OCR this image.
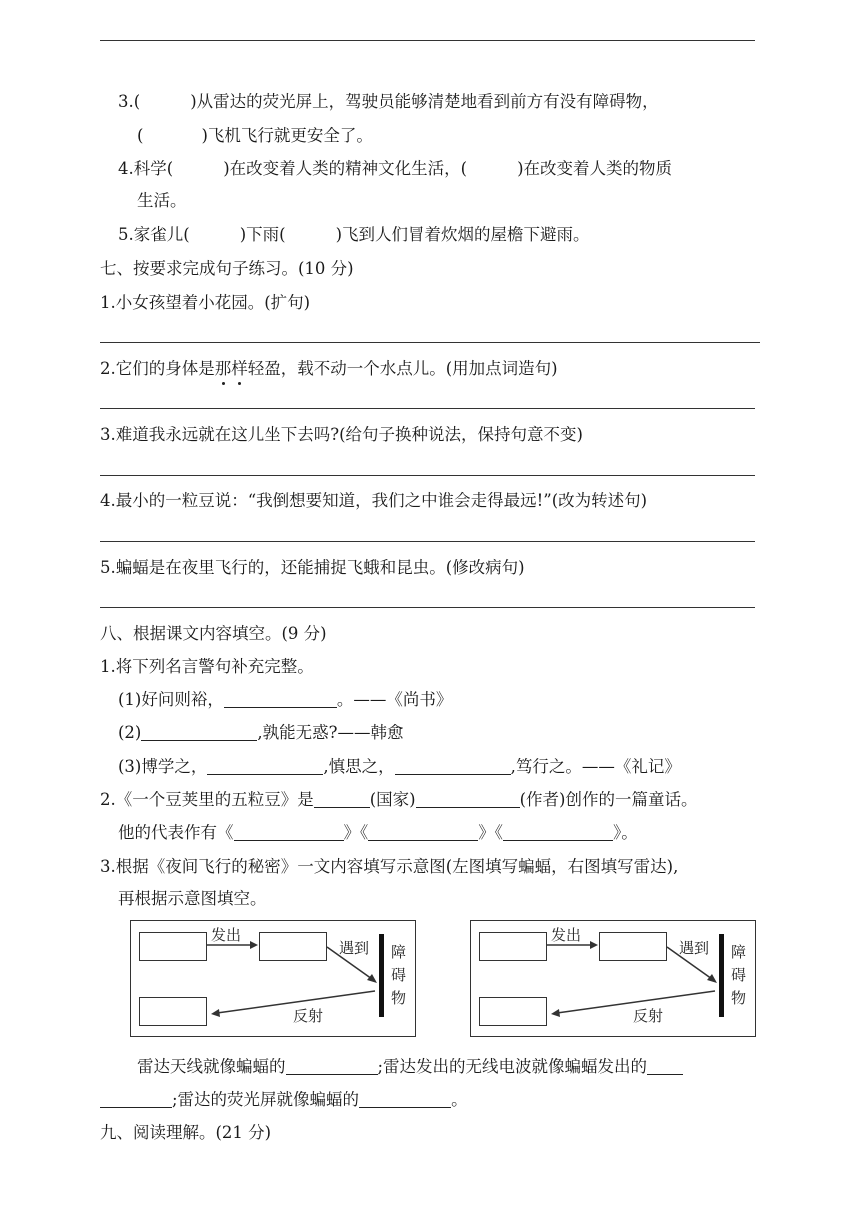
3.(	)从雷达的荧光屏上，驾驶员能够清楚地看到前方有没有障碍物，
(	)飞机飞行就更安全了。
4.科学(	)在改变着人类的精神文化生活，(	)在改变着人类的物质
生活。
5.家雀儿(	)下雨(	)飞到人们冒着炊烟的屋檐下避雨。
七、按要求完成句子练习。(10 分)
1.小女孩望着小花园。(扩句)
2.它们的身体是那样轻盈，载不动一个水点儿。(用加点词造句)
3.难道我永远就在这儿坐下去吗?(给句子换种说法，保持句意不变)
4.最小的一粒豆说：“我倒想要知道，我们之中谁会走得最远!”(改为转述句)
5.蝙蝠是在夜里飞行的，还能捕捉飞蛾和昆虫。(修改病句)
八、根据课文内容填空。(9 分)
1.将下列名言警句补充完整。
(1)好问则裕，	。——《尚书》
(2)	,孰能无惑?——韩愈
(3)博学之，	,慎思之，	,笃行之。——《礼记》
2.《一个豆荚里的五粒豆》是	(国家)	(作者)创作的一篇童话。
他的代表作有《	》《	》《	》。
3.根据《夜间飞行的秘密》一文内容填写示意图(左图填写蝙蝠，右图填写雷达),
再根据示意图填空。
发出
遇到
反射
障
碍
物
发出
遇到
反射
障
碍
物
雷达天线就像蝙蝠的	;雷达发出的无线电波就像蝙蝠发出的
;雷达的荧光屏就像蝙蝠的	。
九、阅读理解。(21 分)
